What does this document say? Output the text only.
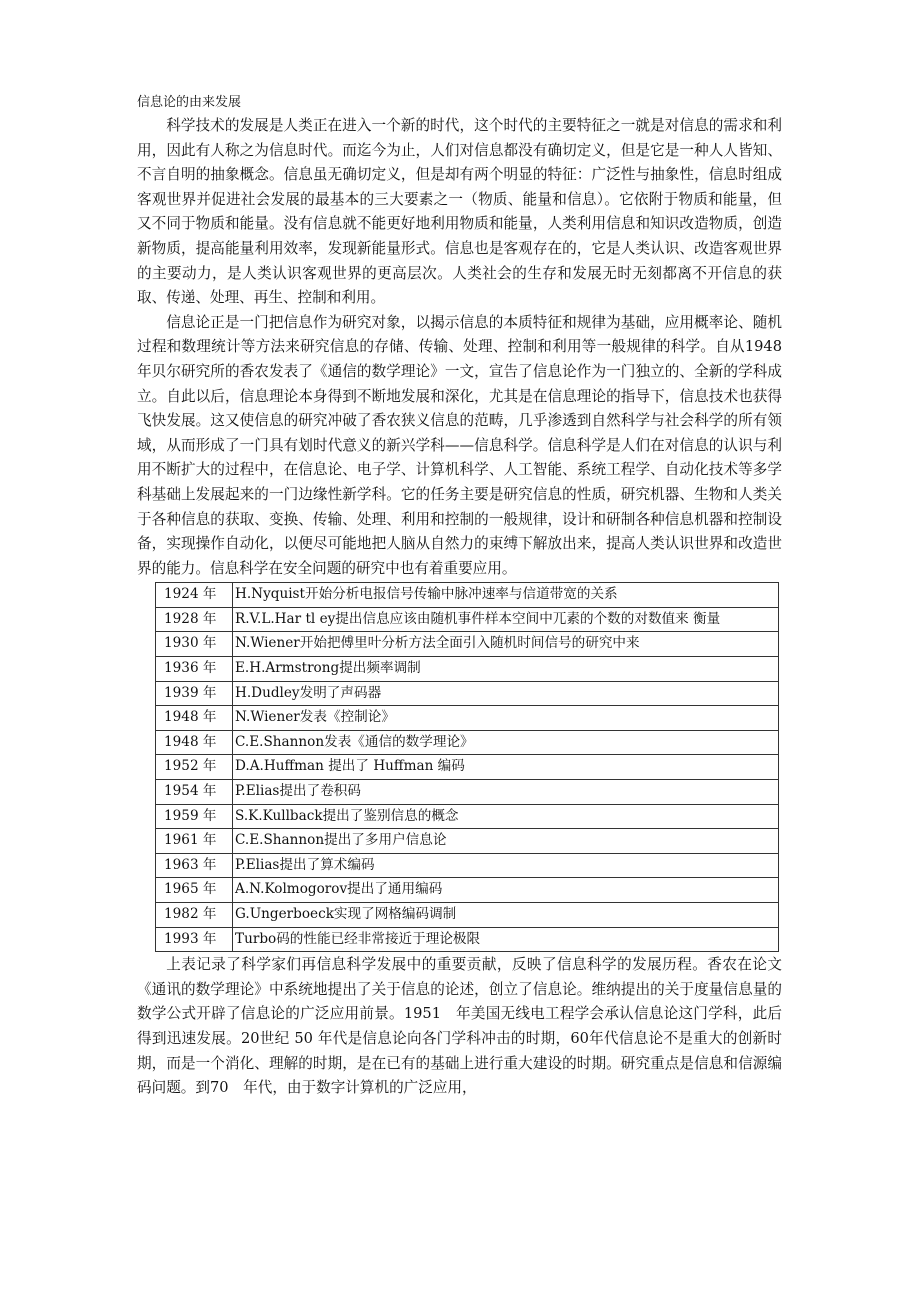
信息论的由来发展

科学技术的发展是人类正在进入一个新的时代，这个时代的主要特征之一就是对信息的需求和利用，因此有人称之为信息时代。而迄今为止，人们对信息都没有确切定义，但是它是一种人人皆知、不言自明的抽象概念。信息虽无确切定义，但是却有两个明显的特征：广泛性与抽象性，信息时组成客观世界并促进社会发展的最基本的三大要素之一（物质、能量和信息）。它依附于物质和能量，但又不同于物质和能量。没有信息就不能更好地利用物质和能量，人类利用信息和知识改造物质，创造新物质，提高能量利用效率，发现新能量形式。信息也是客观存在的，它是人类认识、改造客观世界的主要动力，是人类认识客观世界的更高层次。人类社会的生存和发展无时无刻都离不开信息的获取、传递、处理、再生、控制和利用。

信息论正是一门把信息作为研究对象，以揭示信息的本质特征和规律为基础，应用概率论、随机过程和数理统计等方法来研究信息的存储、传输、处理、控制和利用等一般规律的科学。自从1948年贝尔研究所的香农发表了《通信的数学理论》一文，宣告了信息论作为一门独立的、全新的学科成立。自此以后，信息理论本身得到不断地发展和深化，尤其是在信息理论的指导下，信息技术也获得飞快发展。这又使信息的研究冲破了香农狭义信息的范畴，几乎渗透到自然科学与社会科学的所有领域，从而形成了一门具有划时代意义的新兴学科——信息科学。信息科学是人们在对信息的认识与利用不断扩大的过程中，在信息论、电子学、计算机科学、人工智能、系统工程学、自动化技术等多学科基础上发展起来的一门边缘性新学科。它的任务主要是研究信息的性质，研究机器、生物和人类关于各种信息的获取、变换、传输、处理、利用和控制的一般规律，设计和研制各种信息机器和控制设备，实现操作自动化，以便尽可能地把人脑从自然力的束缚下解放出来，提高人类认识世界和改造世界的能力。信息科学在安全问题的研究中也有着重要应用。

1924 年	H.Nyquist开始分析电报信号传输中脉冲速率与信道带宽的关系
1928 年	R.V.L.Har tl ey提出信息应该由随机事件样本空间中兀素的个数的对数值来 衡量
1930 年	N.Wiener开始把傅里叶分析方法全面引入随机时间信号的研究中来
1936 年	E.H.Armstrong提出频率调制
1939 年	H.Dudley发明了声码器
1948 年	N.Wiener发表《控制论》
1948 年	C.E.Shannon发表《通信的数学理论》
1952 年	D.A.Huffman 提出了 Huffman 编码
1954 年	P.Elias提出了卷积码
1959 年	S.K.Kullback提出了鉴别信息的概念
1961 年	C.E.Shannon提出了多用户信息论
1963 年	P.Elias提出了算术编码
1965 年	A.N.Kolmogorov提出了通用编码
1982 年	G.Ungerboeck实现了网格编码调制
1993 年	Turbo码的性能已经非常接近于理论极限

上表记录了科学家们再信息科学发展中的重要贡献，反映了信息科学的发展历程。香农在论文《通讯的数学理论》中系统地提出了关于信息的论述，创立了信息论。维纳提出的关于度量信息量的数学公式开辟了信息论的广泛应用前景。1951　年美国无线电工程学会承认信息论这门学科，此后得到迅速发展。20世纪 50 年代是信息论向各门学科冲击的时期，60年代信息论不是重大的创新时期，而是一个消化、理解的时期，是在已有的基础上进行重大建设的时期。研究重点是信息和信源编码问题。到70　年代，由于数字计算机的广泛应用，
